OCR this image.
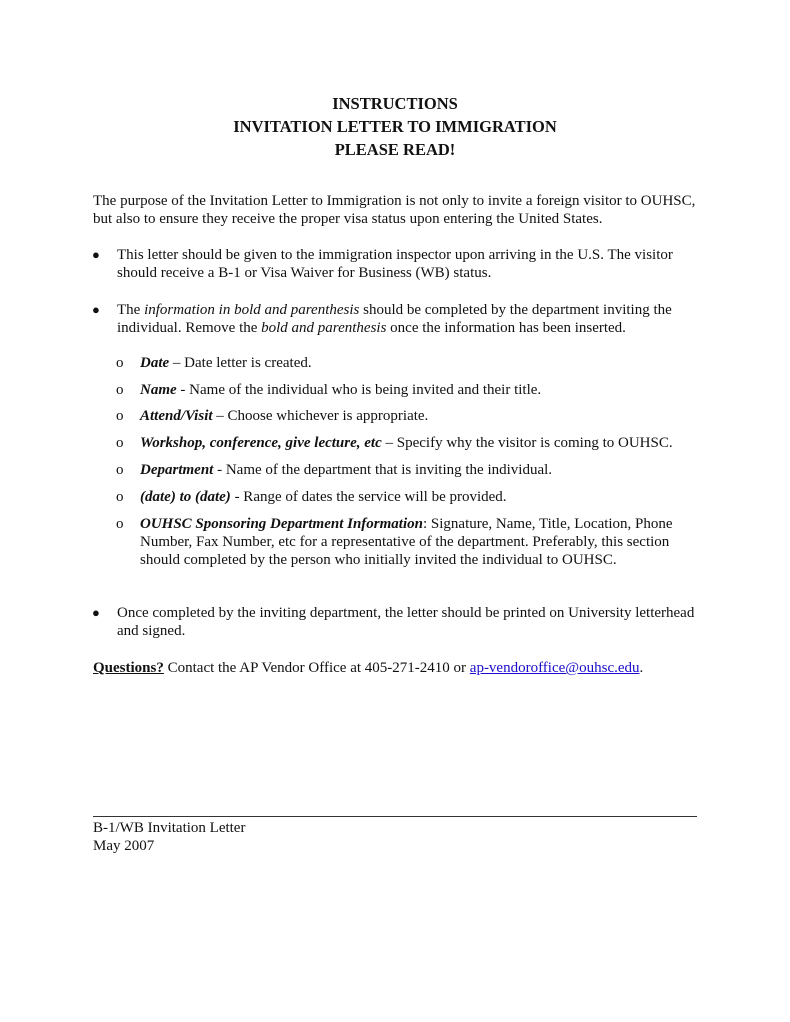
INSTRUCTIONS
INVITATION LETTER TO IMMIGRATION
PLEASE READ!
The purpose of the Invitation Letter to Immigration is not only to invite a foreign visitor to OUHSC, but also to ensure they receive the proper visa status upon entering the United States.
● This letter should be given to the immigration inspector upon arriving in the U.S. The visitor should receive a B-1 or Visa Waiver for Business (WB) status.
● The information in bold and parenthesis should be completed by the department inviting the individual. Remove the bold and parenthesis once the information has been inserted.
o Date – Date letter is created.
o Name - Name of the individual who is being invited and their title.
o Attend/Visit – Choose whichever is appropriate.
o Workshop, conference, give lecture, etc – Specify why the visitor is coming to OUHSC.
o Department - Name of the department that is inviting the individual.
o (date) to (date) - Range of dates the service will be provided.
o OUHSC Sponsoring Department Information: Signature, Name, Title, Location, Phone Number, Fax Number, etc for a representative of the department. Preferably, this section should completed by the person who initially invited the individual to OUHSC.
● Once completed by the inviting department, the letter should be printed on University letterhead and signed.
Questions? Contact the AP Vendor Office at 405-271-2410 or ap-vendoroffice@ouhsc.edu.
B-1/WB Invitation Letter
May 2007
